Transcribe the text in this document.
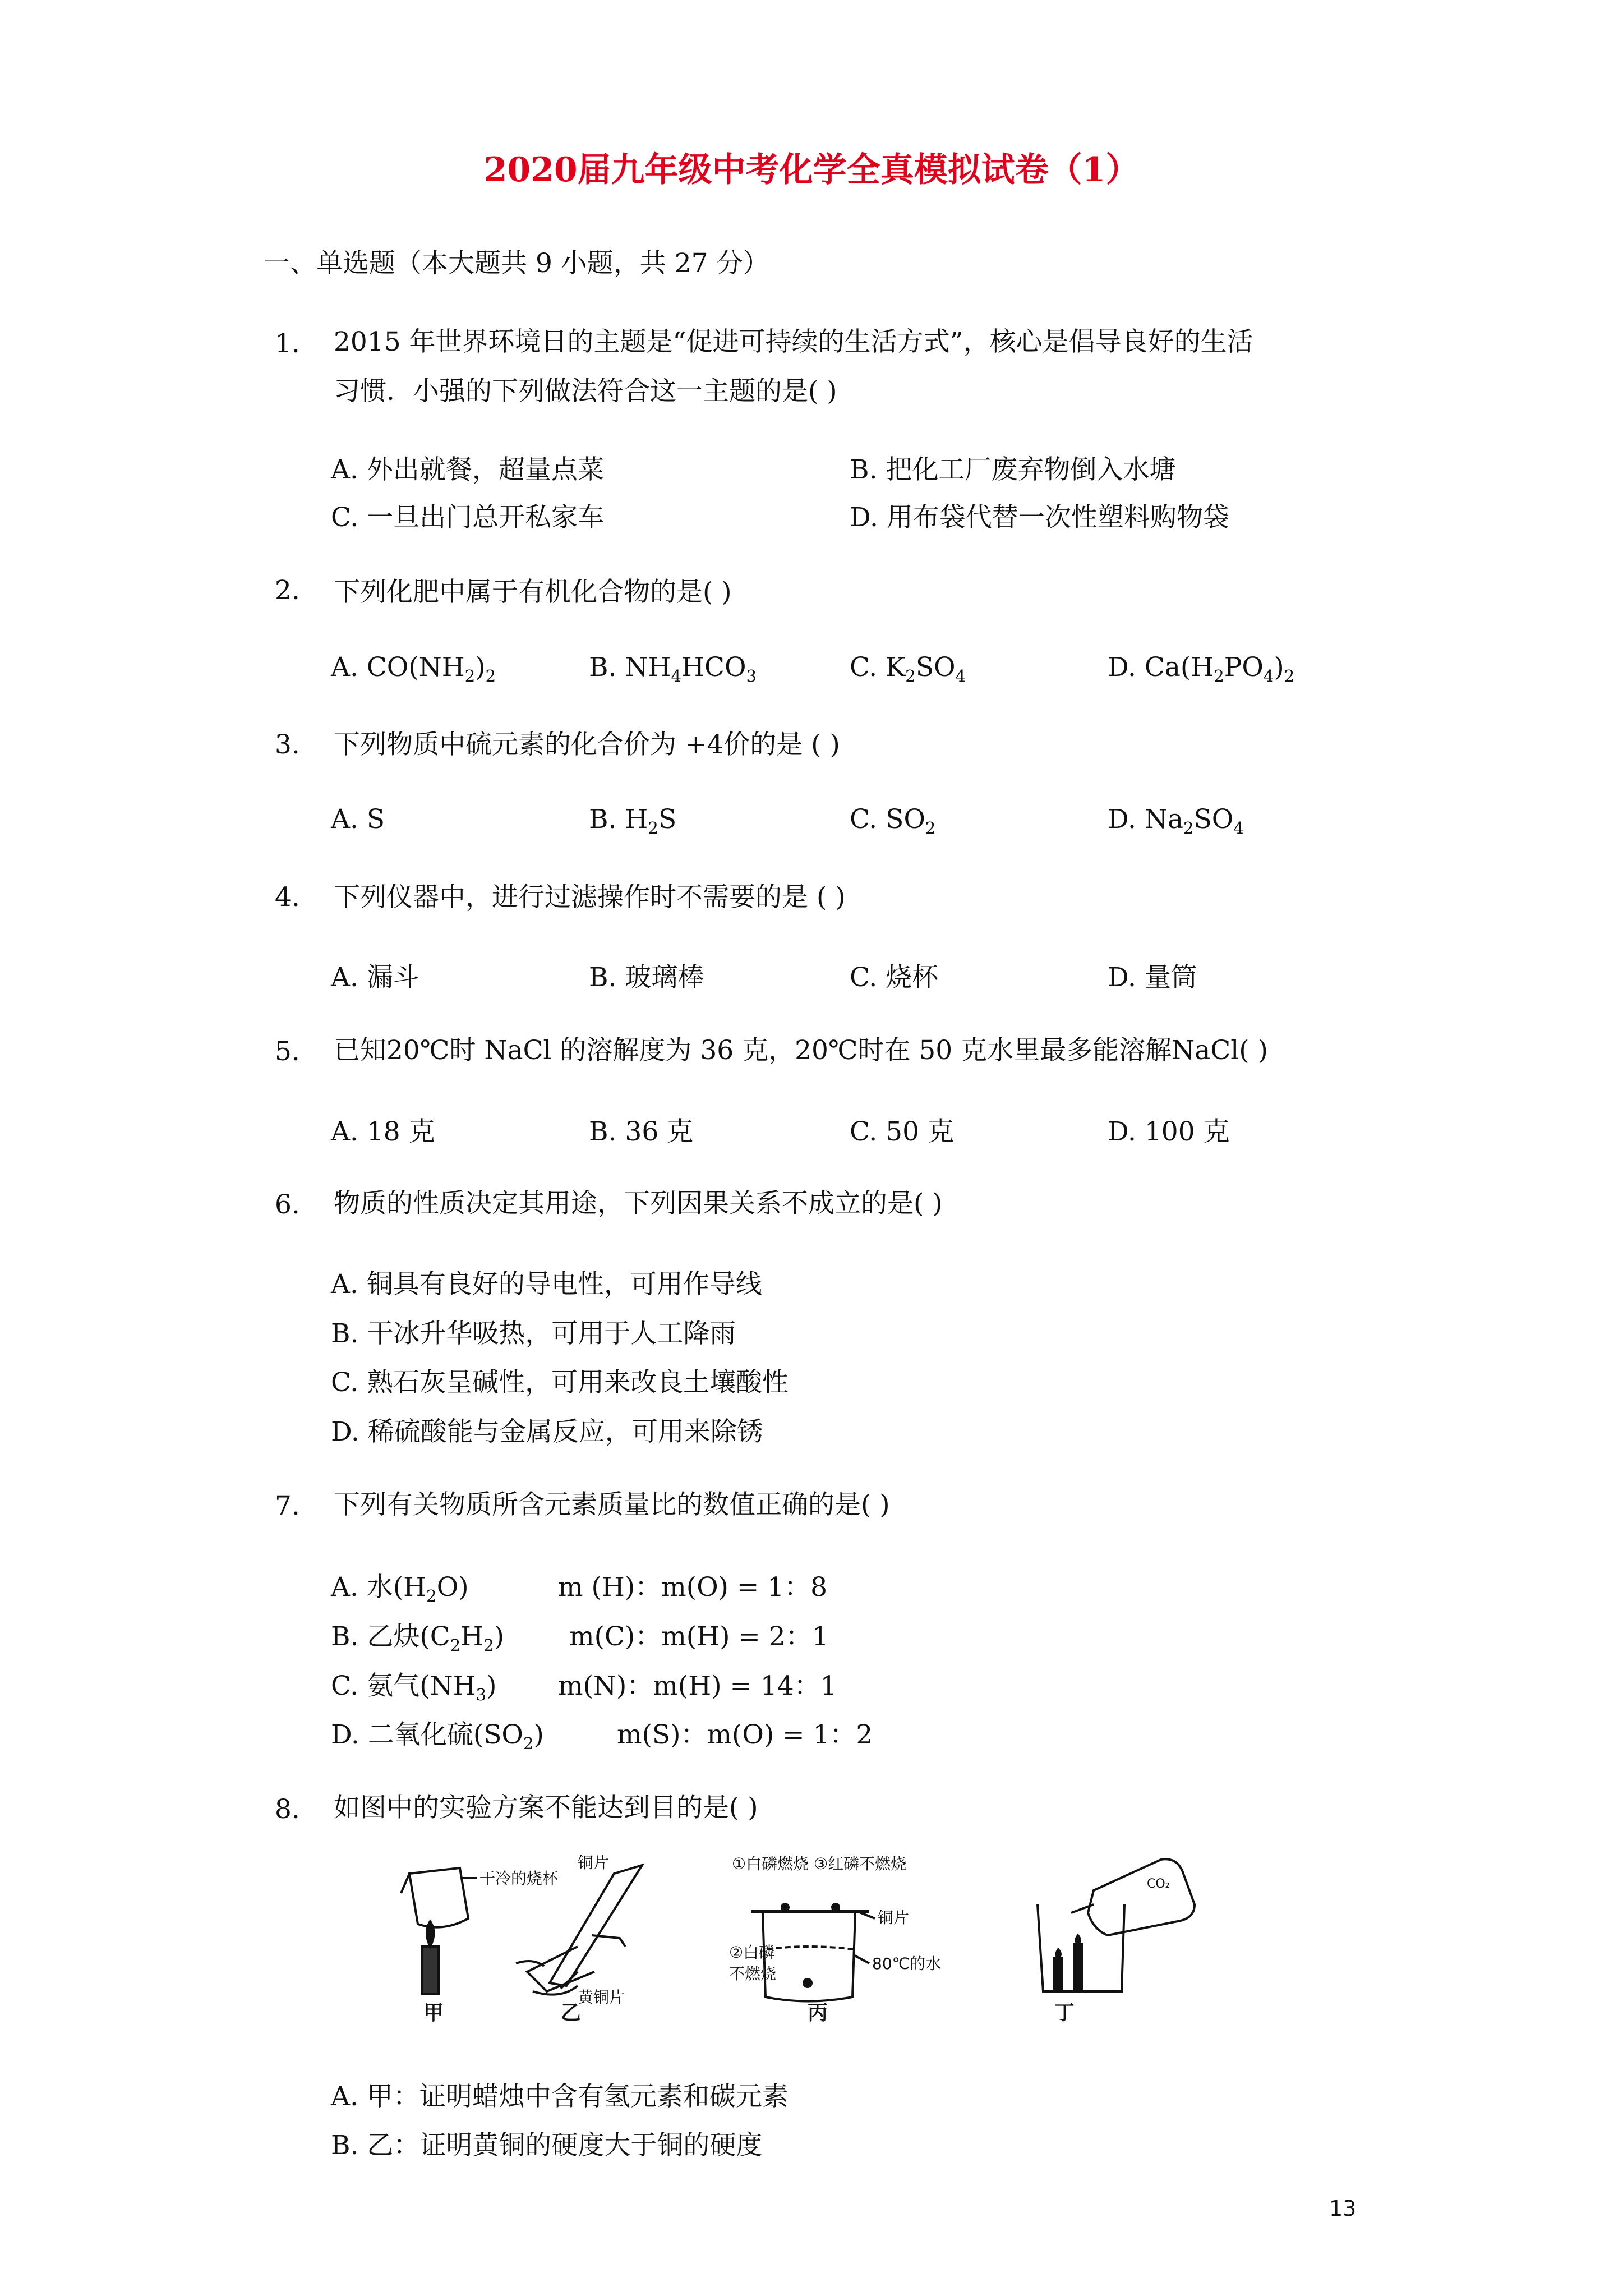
2020届九年级中考化学全真模拟试卷（1）
一、单选题（本大题共 9 小题，共 27 分）
1. 2015 年世界环境日的主题是“促进可持续的生活方式”，核心是倡导良好的生活
习惯．小强的下列做法符合这一主题的是( )
A. 外出就餐，超量点菜	B. 把化工厂废弃物倒入水塘
C. 一旦出门总开私家车	D. 用布袋代替一次性塑料购物袋
2. 下列化肥中属于有机化合物的是( )
A. $CO(NH_2)_2$	B. $NH_4HCO_3$	C. $K_2SO_4$	D. $Ca(H_2PO_4)_2$
3. 下列物质中硫元素的化合价为 +4价的是 ( )
A. S	B. $H_2S$	C. $SO_2$	D. $Na_2SO_4$
4. 下列仪器中，进行过滤操作时不需要的是 ( )
A. 漏斗	B. 玻璃棒	C. 烧杯	D. 量筒
5. 已知20℃时 NaCl 的溶解度为 36 克，20℃时在 50 克水里最多能溶解NaCl( )
A. 18 克	B. 36 克	C. 50 克	D. 100 克
6. 物质的性质决定其用途，下列因果关系不成立的是( )
A. 铜具有良好的导电性，可用作导线
B. 干冰升华吸热，可用于人工降雨
C. 熟石灰呈碱性，可用来改良土壤酸性
D. 稀硫酸能与金属反应，可用来除锈
7. 下列有关物质所含元素质量比的数值正确的是( )
A. 水$(H_2O)$	m (H)：m(O) = 1：8
B. 乙炔$(C_2H_2)$ m(C)：m(H) = 2：1
C. 氨气$(NH_3)$ m(N)：m(H) = 14：1
D. 二氧化硫$(SO_2)$	m(S)：m(O) = 1：2
8. 如图中的实验方案不能达到目的是( )
干冷的烧杯
铜片
黄铜片
①白磷燃烧 ③红磷不燃烧
铜片
②白磷
不燃烧
80℃的水
CO₂
甲	乙	丙	丁
A. 甲：证明蜡烛中含有氢元素和碳元素
B. 乙：证明黄铜的硬度大于铜的硬度
13
